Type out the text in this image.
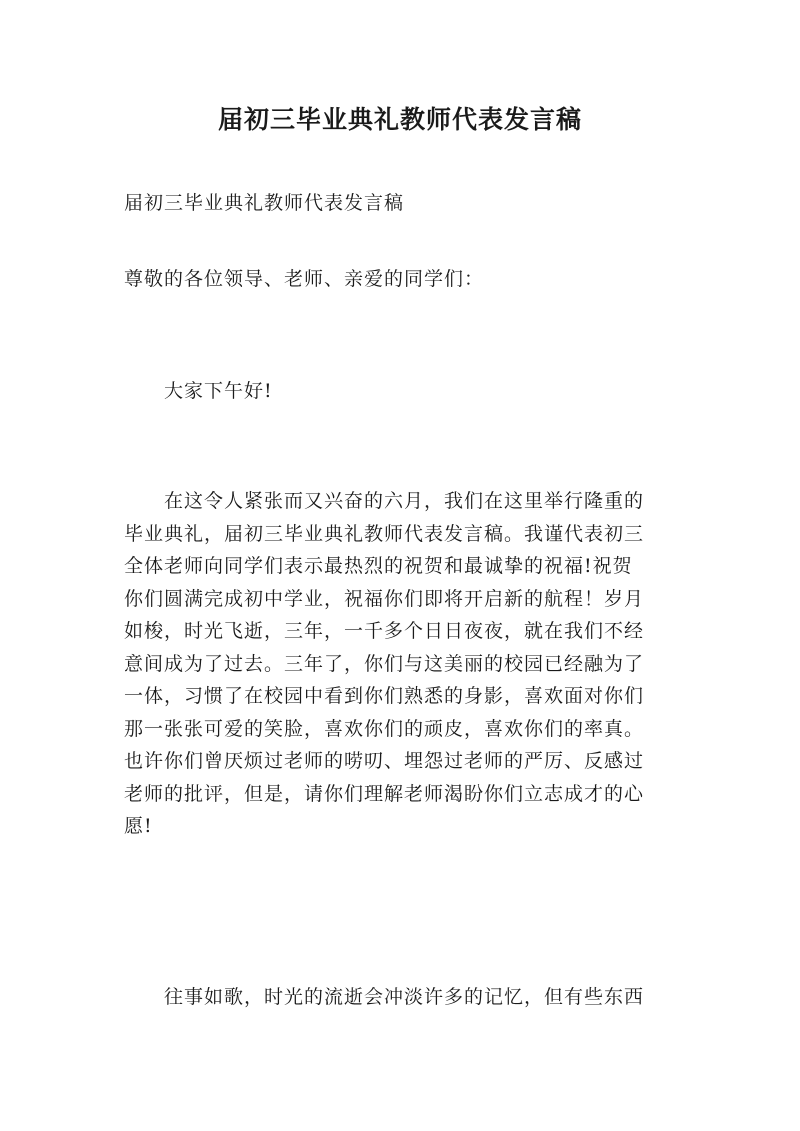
届初三毕业典礼教师代表发言稿

届初三毕业典礼教师代表发言稿

尊敬的各位领导、老师、亲爱的同学们：

大家下午好!

在这令人紧张而又兴奋的六月，我们在这里举行隆重的
毕业典礼，届初三毕业典礼教师代表发言稿。我谨代表初三
全体老师向同学们表示最热烈的祝贺和最诚挚的祝福!祝贺
你们圆满完成初中学业，祝福你们即将开启新的航程！岁月
如梭，时光飞逝，三年，一千多个日日夜夜，就在我们不经
意间成为了过去。三年了，你们与这美丽的校园已经融为了
一体，习惯了在校园中看到你们熟悉的身影，喜欢面对你们
那一张张可爱的笑脸，喜欢你们的顽皮，喜欢你们的率真。
也许你们曾厌烦过老师的唠叨、埋怨过老师的严厉、反感过
老师的批评，但是，请你们理解老师渴盼你们立志成才的心
愿!

往事如歌，时光的流逝会冲淡许多的记忆，但有些东西
